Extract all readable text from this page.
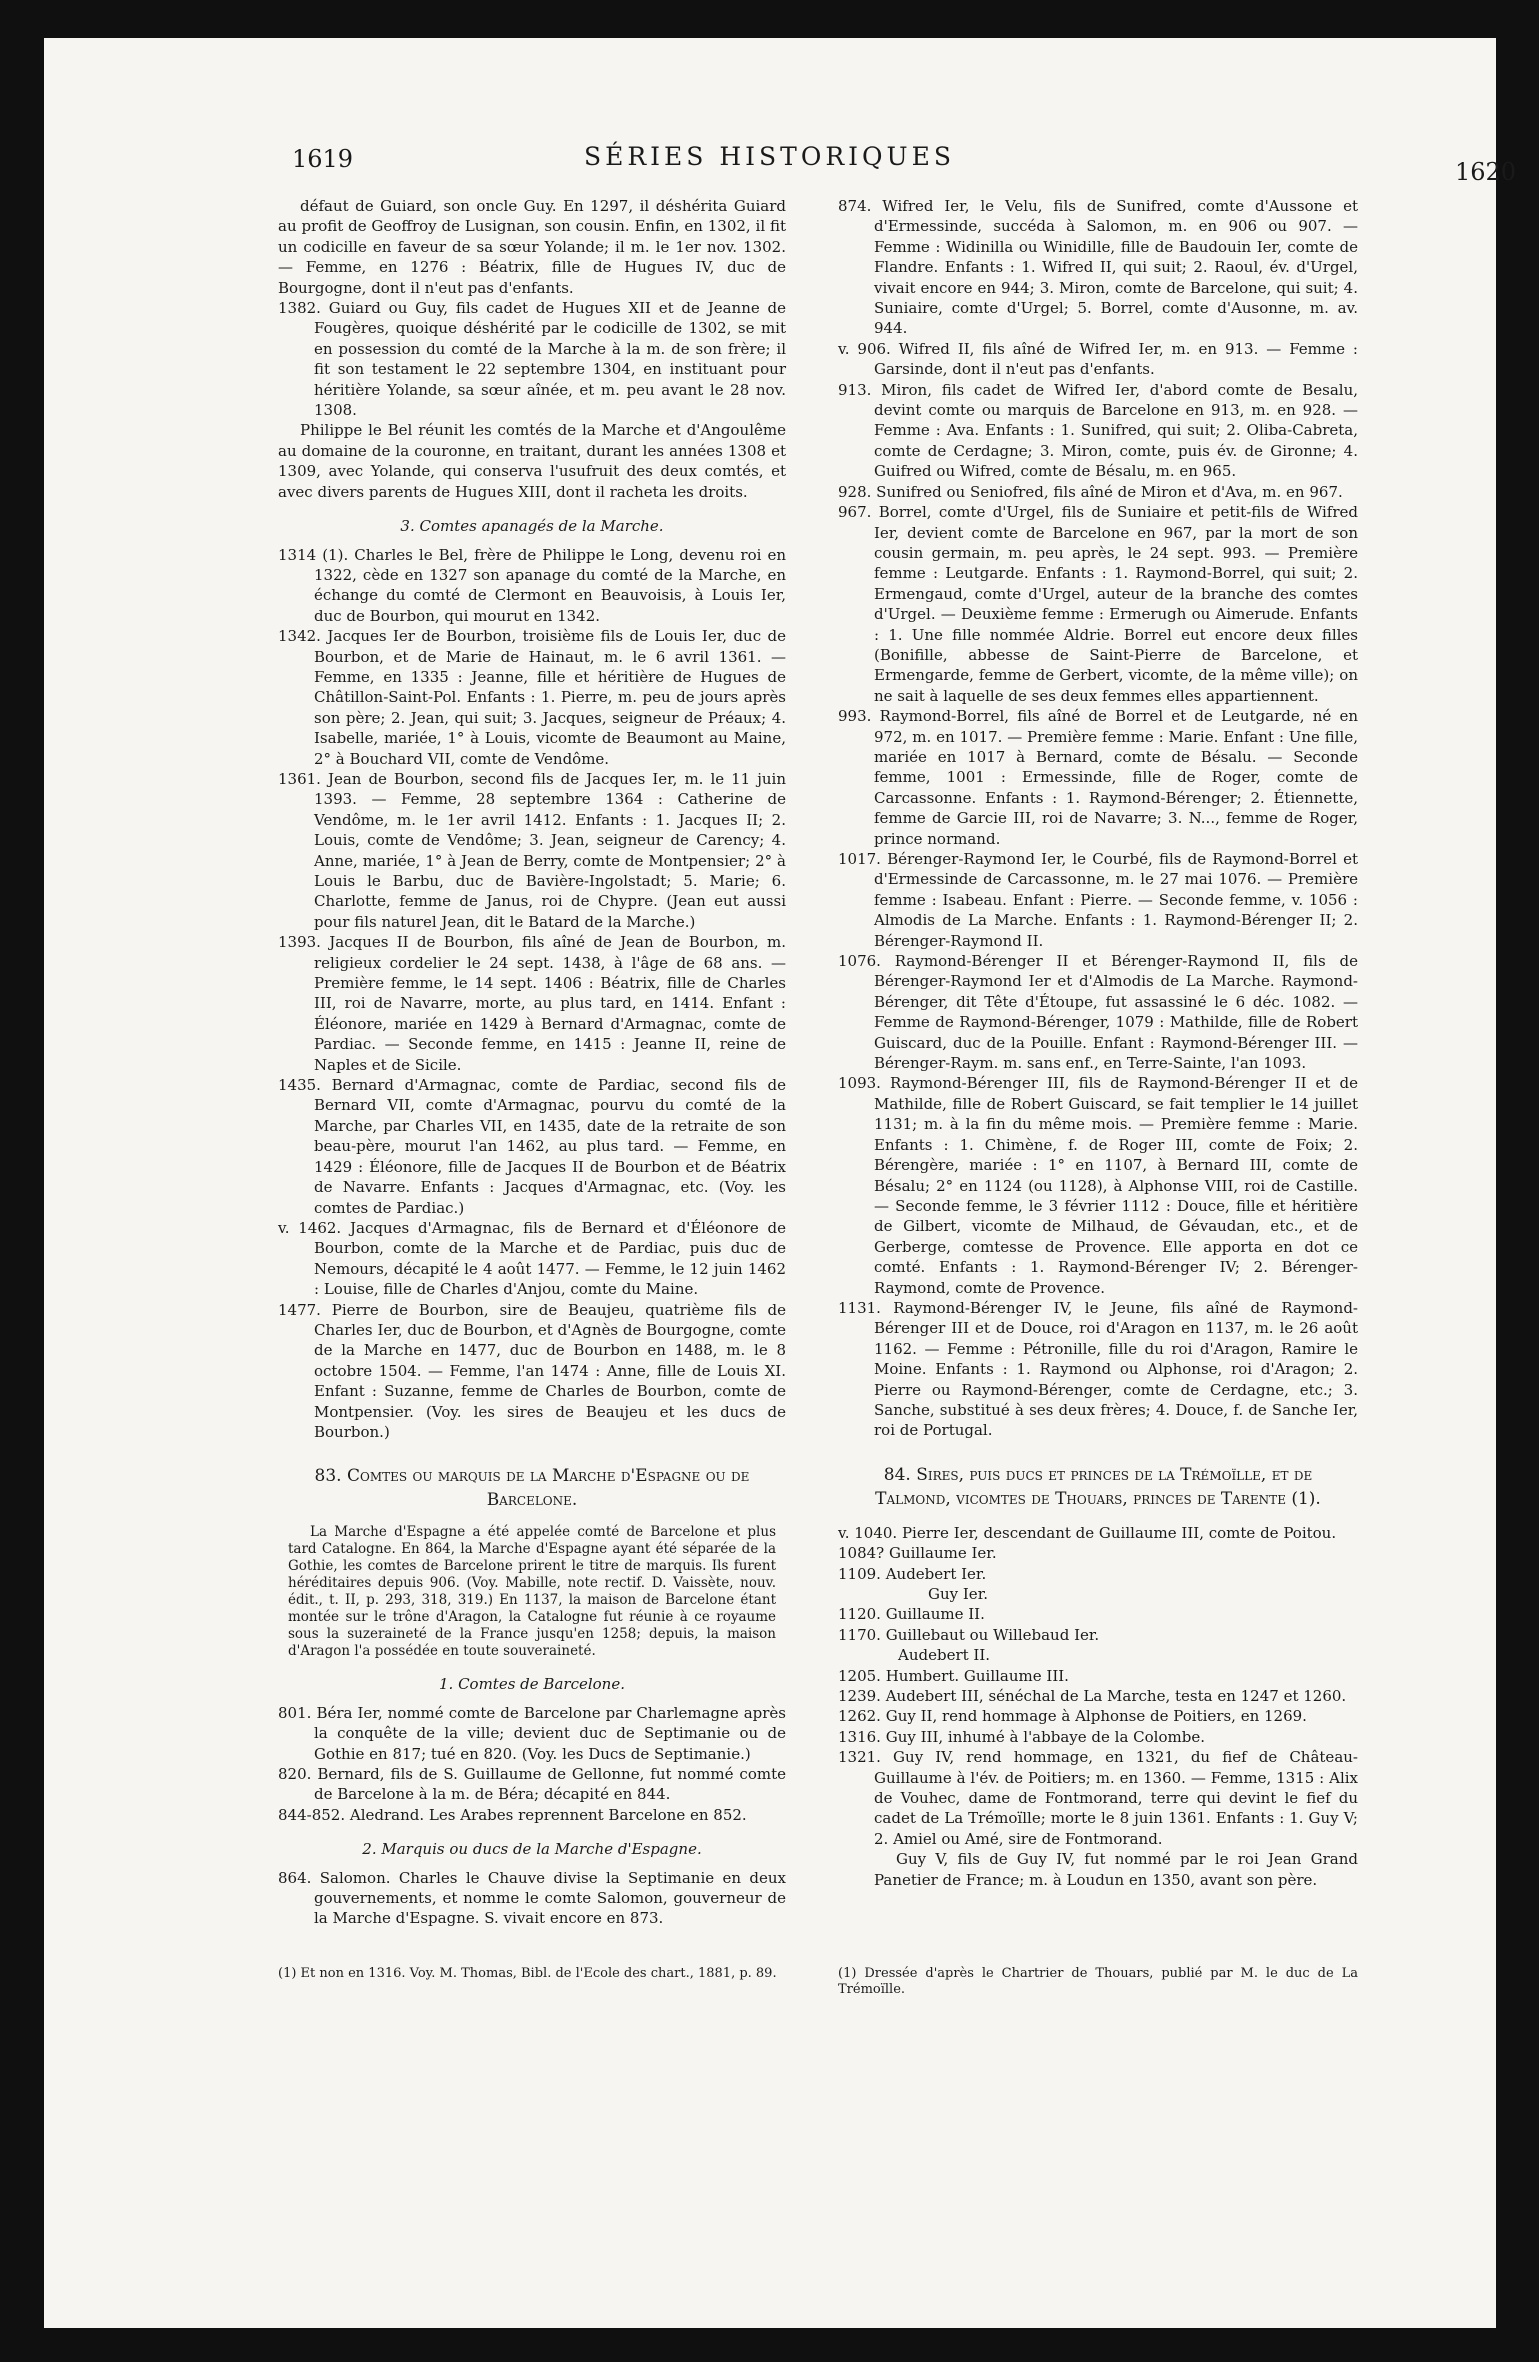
1619	SÉRIES HISTORIQUES
1620

défaut de Guiard, son oncle Guy. En 1297, il déshérita Guiard au profit de Geoffroy de Lusignan, son cousin. Enfin, en 1302, il fit un codicille en faveur de sa sœur Yolande; il m. le 1er nov. 1302. — Femme, en 1276 : Béatrix, fille de Hugues IV, duc de Bourgogne, dont il n'eut pas d'enfants.

1382. Guiard ou Guy, fils cadet de Hugues XII et de Jeanne de Fougères, quoique déshérité par le codicille de 1302, se mit en possession du comté de la Marche à la m. de son frère; il fit son testament le 22 septembre 1304, en instituant pour héritière Yolande, sa sœur aînée, et m. peu avant le 28 nov. 1308.

Philippe le Bel réunit les comtés de la Marche et d'Angoulême au domaine de la couronne, en traitant, durant les années 1308 et 1309, avec Yolande, qui conserva l'usufruit des deux comtés, et avec divers parents de Hugues XIII, dont il racheta les droits.

3. Comtes apanagés de la Marche.

1314 (1). Charles le Bel, frère de Philippe le Long, devenu roi en 1322, cède en 1327 son apanage du comté de la Marche, en échange du comté de Clermont en Beauvoisis, à Louis Ier, duc de Bourbon, qui mourut en 1342.

1342. Jacques Ier de Bourbon, troisième fils de Louis Ier, duc de Bourbon, et de Marie de Hainaut, m. le 6 avril 1361. — Femme, en 1335 : Jeanne, fille et héritière de Hugues de Châtillon-Saint-Pol. Enfants : 1. Pierre, m. peu de jours après son père; 2. Jean, qui suit; 3. Jacques, seigneur de Préaux; 4. Isabelle, mariée, 1° à Louis, vicomte de Beaumont au Maine, 2° à Bouchard VII, comte de Vendôme.

1361. Jean de Bourbon, second fils de Jacques Ier, m. le 11 juin 1393. — Femme, 28 septembre 1364 : Catherine de Vendôme, m. le 1er avril 1412. Enfants : 1. Jacques II; 2. Louis, comte de Vendôme; 3. Jean, seigneur de Carency; 4. Anne, mariée, 1° à Jean de Berry, comte de Montpensier; 2° à Louis le Barbu, duc de Bavière-Ingolstadt; 5. Marie; 6. Charlotte, femme de Janus, roi de Chypre. (Jean eut aussi pour fils naturel Jean, dit le Batard de la Marche.)

1393. Jacques II de Bourbon, fils aîné de Jean de Bourbon, m. religieux cordelier le 24 sept. 1438, à l'âge de 68 ans. — Première femme, le 14 sept. 1406 : Béatrix, fille de Charles III, roi de Navarre, morte, au plus tard, en 1414. Enfant : Éléonore, mariée en 1429 à Bernard d'Armagnac, comte de Pardiac. — Seconde femme, en 1415 : Jeanne II, reine de Naples et de Sicile.

1435. Bernard d'Armagnac, comte de Pardiac, second fils de Bernard VII, comte d'Armagnac, pourvu du comté de la Marche, par Charles VII, en 1435, date de la retraite de son beau-père, mourut l'an 1462, au plus tard. — Femme, en 1429 : Éléonore, fille de Jacques II de Bourbon et de Béatrix de Navarre. Enfants : Jacques d'Armagnac, etc. (Voy. les comtes de Pardiac.)

v. 1462. Jacques d'Armagnac, fils de Bernard et d'Éléonore de Bourbon, comte de la Marche et de Pardiac, puis duc de Nemours, décapité le 4 août 1477. — Femme, le 12 juin 1462 : Louise, fille de Charles d'Anjou, comte du Maine.

1477. Pierre de Bourbon, sire de Beaujeu, quatrième fils de Charles Ier, duc de Bourbon, et d'Agnès de Bourgogne, comte de la Marche en 1477, duc de Bourbon en 1488, m. le 8 octobre 1504. — Femme, l'an 1474 : Anne, fille de Louis XI. Enfant : Suzanne, femme de Charles de Bourbon, comte de Montpensier. (Voy. les sires de Beaujeu et les ducs de Bourbon.)

83. Comtes ou marquis de la Marche d'Espagne ou de Barcelone.

La Marche d'Espagne a été appelée comté de Barcelone et plus tard Catalogne. En 864, la Marche d'Espagne ayant été séparée de la Gothie, les comtes de Barcelone prirent le titre de marquis. Ils furent héréditaires depuis 906. (Voy. Mabille, note rectif. D. Vaissète, nouv. édit., t. II, p. 293, 318, 319.) En 1137, la maison de Barcelone étant montée sur le trône d'Aragon, la Catalogne fut réunie à ce royaume sous la suzeraineté de la France jusqu'en 1258; depuis, la maison d'Aragon l'a possédée en toute souveraineté.

1. Comtes de Barcelone.

801. Béra Ier, nommé comte de Barcelone par Charlemagne après la conquête de la ville; devient duc de Septimanie ou de Gothie en 817; tué en 820. (Voy. les Ducs de Septimanie.)

820. Bernard, fils de S. Guillaume de Gellonne, fut nommé comte de Barcelone à la m. de Béra; décapité en 844.

844-852. Aledrand. Les Arabes reprennent Barcelone en 852.

2. Marquis ou ducs de la Marche d'Espagne.

864. Salomon. Charles le Chauve divise la Septimanie en deux gouvernements, et nomme le comte Salomon, gouverneur de la Marche d'Espagne. S. vivait encore en 873.

(1) Et non en 1316. Voy. M. Thomas, Bibl. de l'Ecole des chart., 1881, p. 89.

874. Wifred Ier, le Velu, fils de Sunifred, comte d'Aussone et d'Ermessinde, succéda à Salomon, m. en 906 ou 907. — Femme : Widinilla ou Winidille, fille de Baudouin Ier, comte de Flandre. Enfants : 1. Wifred II, qui suit; 2. Raoul, év. d'Urgel, vivait encore en 944; 3. Miron, comte de Barcelone, qui suit; 4. Suniaire, comte d'Urgel; 5. Borrel, comte d'Ausonne, m. av. 944.

v. 906. Wifred II, fils aîné de Wifred Ier, m. en 913. — Femme : Garsinde, dont il n'eut pas d'enfants.

913. Miron, fils cadet de Wifred Ier, d'abord comte de Besalu, devint comte ou marquis de Barcelone en 913, m. en 928. — Femme : Ava. Enfants : 1. Sunifred, qui suit; 2. Oliba-Cabreta, comte de Cerdagne; 3. Miron, comte, puis év. de Gironne; 4. Guifred ou Wifred, comte de Bésalu, m. en 965.

928. Sunifred ou Seniofred, fils aîné de Miron et d'Ava, m. en 967.

967. Borrel, comte d'Urgel, fils de Suniaire et petit-fils de Wifred Ier, devient comte de Barcelone en 967, par la mort de son cousin germain, m. peu après, le 24 sept. 993. — Première femme : Leutgarde. Enfants : 1. Raymond-Borrel, qui suit; 2. Ermengaud, comte d'Urgel, auteur de la branche des comtes d'Urgel. — Deuxième femme : Ermerugh ou Aimerude. Enfants : 1. Une fille nommée Aldrie. Borrel eut encore deux filles (Bonifille, abbesse de Saint-Pierre de Barcelone, et Ermengarde, femme de Gerbert, vicomte, de la même ville); on ne sait à laquelle de ses deux femmes elles appartiennent.

993. Raymond-Borrel, fils aîné de Borrel et de Leutgarde, né en 972, m. en 1017. — Première femme : Marie. Enfant : Une fille, mariée en 1017 à Bernard, comte de Bésalu. — Seconde femme, 1001 : Ermessinde, fille de Roger, comte de Carcassonne. Enfants : 1. Raymond-Bérenger; 2. Étiennette, femme de Garcie III, roi de Navarre; 3. N..., femme de Roger, prince normand.

1017. Bérenger-Raymond Ier, le Courbé, fils de Raymond-Borrel et d'Ermessinde de Carcassonne, m. le 27 mai 1076. — Première femme : Isabeau. Enfant : Pierre. — Seconde femme, v. 1056 : Almodis de La Marche. Enfants : 1. Raymond-Bérenger II; 2. Bérenger-Raymond II.

1076. Raymond-Bérenger II et Bérenger-Raymond II, fils de Bérenger-Raymond Ier et d'Almodis de La Marche. Raymond-Bérenger, dit Tête d'Étoupe, fut assassiné le 6 déc. 1082. — Femme de Raymond-Bérenger, 1079 : Mathilde, fille de Robert Guiscard, duc de la Pouille. Enfant : Raymond-Bérenger III. — Bérenger-Raym. m. sans enf., en Terre-Sainte, l'an 1093.

1093. Raymond-Bérenger III, fils de Raymond-Bérenger II et de Mathilde, fille de Robert Guiscard, se fait templier le 14 juillet 1131; m. à la fin du même mois. — Première femme : Marie. Enfants : 1. Chimène, f. de Roger III, comte de Foix; 2. Bérengère, mariée : 1° en 1107, à Bernard III, comte de Bésalu; 2° en 1124 (ou 1128), à Alphonse VIII, roi de Castille. — Seconde femme, le 3 février 1112 : Douce, fille et héritière de Gilbert, vicomte de Milhaud, de Gévaudan, etc., et de Gerberge, comtesse de Provence. Elle apporta en dot ce comté. Enfants : 1. Raymond-Bérenger IV; 2. Bérenger-Raymond, comte de Provence.

1131. Raymond-Bérenger IV, le Jeune, fils aîné de Raymond-Bérenger III et de Douce, roi d'Aragon en 1137, m. le 26 août 1162. — Femme : Pétronille, fille du roi d'Aragon, Ramire le Moine. Enfants : 1. Raymond ou Alphonse, roi d'Aragon; 2. Pierre ou Raymond-Bérenger, comte de Cerdagne, etc.; 3. Sanche, substitué à ses deux frères; 4. Douce, f. de Sanche Ier, roi de Portugal.

84. Sires, puis ducs et princes de la Trémoïlle, et de Talmond, vicomtes de Thouars, princes de Tarente (1).

v. 1040. Pierre Ier, descendant de Guillaume III, comte de Poitou.

1084? Guillaume Ier.

1109. Audebert Ier.

Guy Ier.

1120. Guillaume II.

1170. Guillebaut ou Willebaud Ier.

Audebert II.

1205. Humbert. Guillaume III.

1239. Audebert III, sénéchal de La Marche, testa en 1247 et 1260.

1262. Guy II, rend hommage à Alphonse de Poitiers, en 1269.

1316. Guy III, inhumé à l'abbaye de la Colombe.

1321. Guy IV, rend hommage, en 1321, du fief de Château-Guillaume à l'év. de Poitiers; m. en 1360. — Femme, 1315 : Alix de Vouhec, dame de Fontmorand, terre qui devint le fief du cadet de La Trémoïlle; morte le 8 juin 1361. Enfants : 1. Guy V; 2. Amiel ou Amé, sire de Fontmorand.

Guy V, fils de Guy IV, fut nommé par le roi Jean Grand Panetier de France; m. à Loudun en 1350, avant son père.

(1) Dressée d'après le Chartrier de Thouars, publié par M. le duc de La Trémoïlle.
